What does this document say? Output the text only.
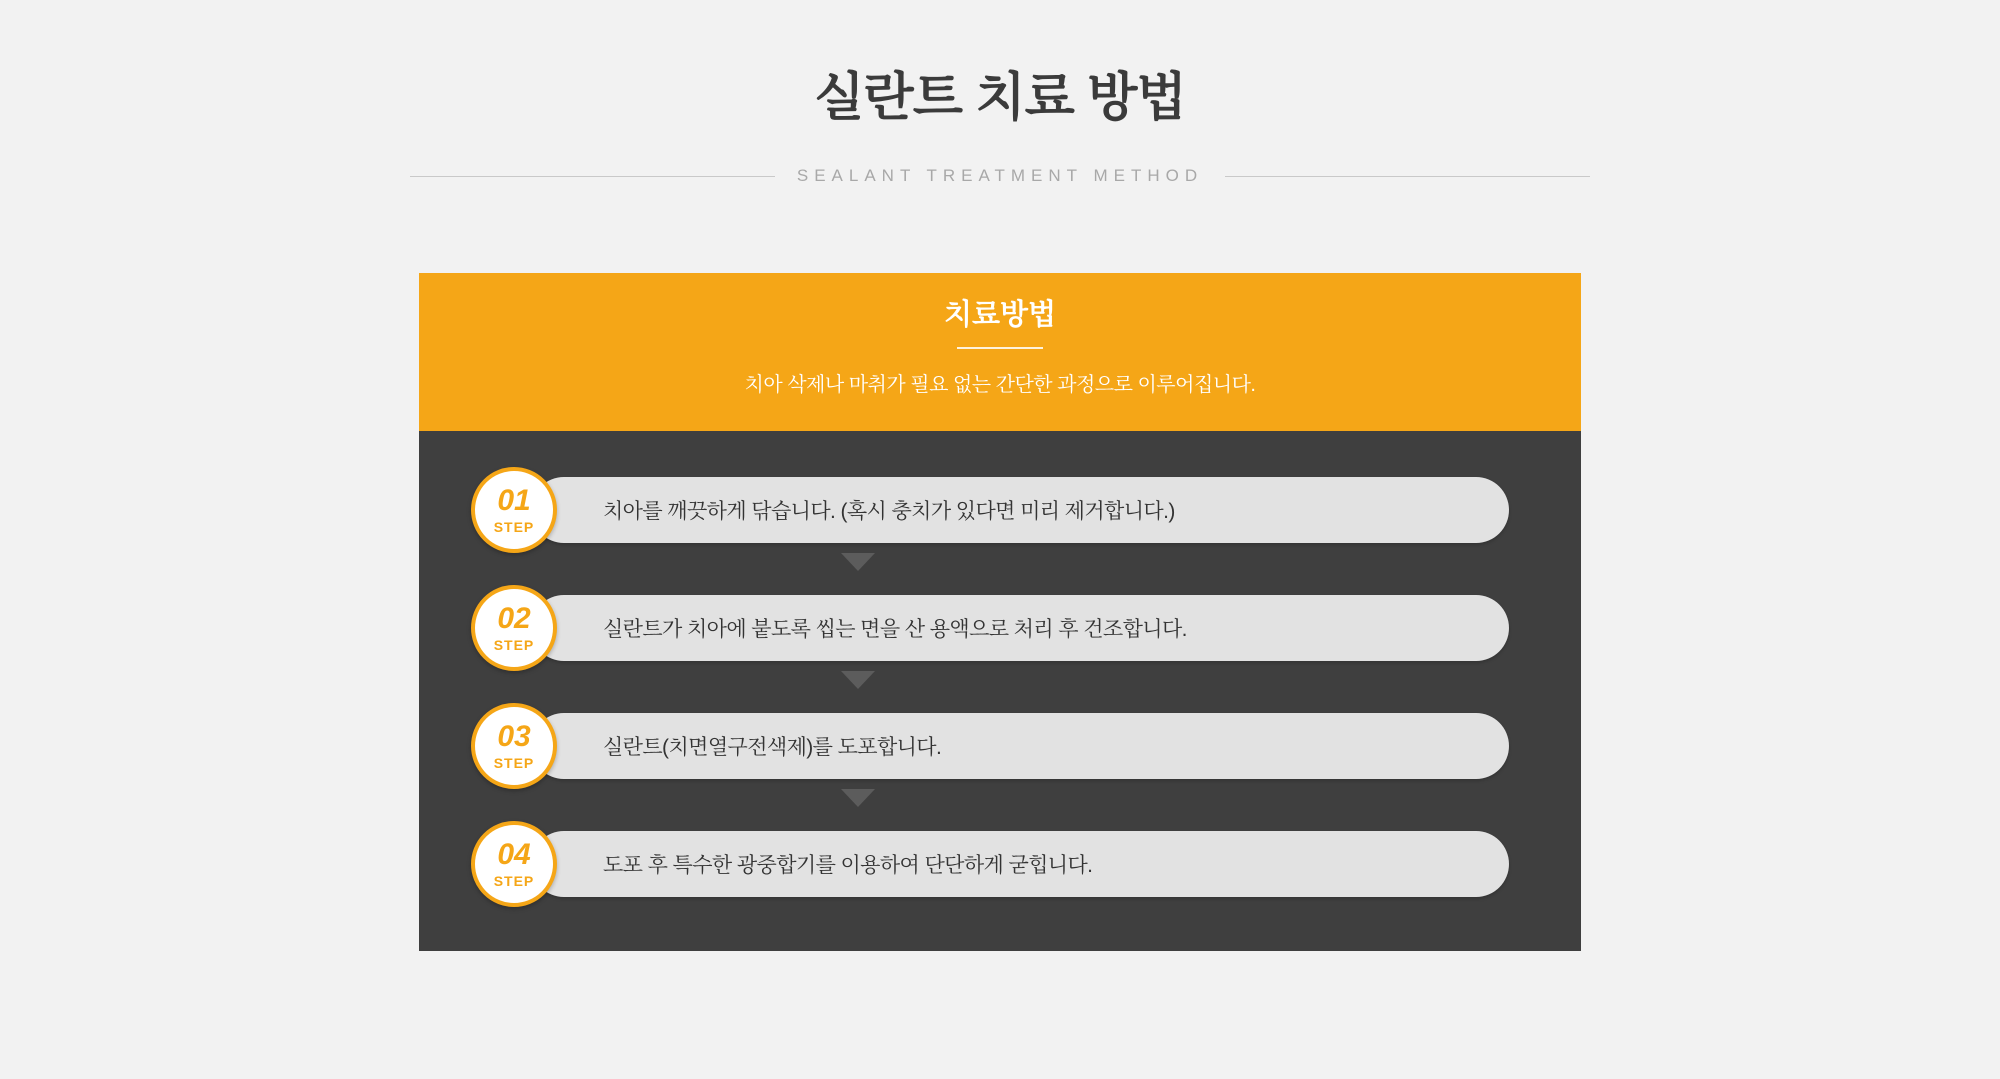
실란트 치료 방법
SEALANT TREATMENT METHOD
치료방법
치아 삭제나 마취가 필요 없는 간단한 과정으로 이루어집니다.
01
STEP
치아를 깨끗하게 닦습니다. (혹시 충치가 있다면 미리 제거합니다.)
02
STEP
실란트가 치아에 붙도록 씹는 면을 산 용액으로 처리 후 건조합니다.
03
STEP
실란트(치면열구전색제)를 도포합니다.
04
STEP
도포 후 특수한 광중합기를 이용하여 단단하게 굳힙니다.
